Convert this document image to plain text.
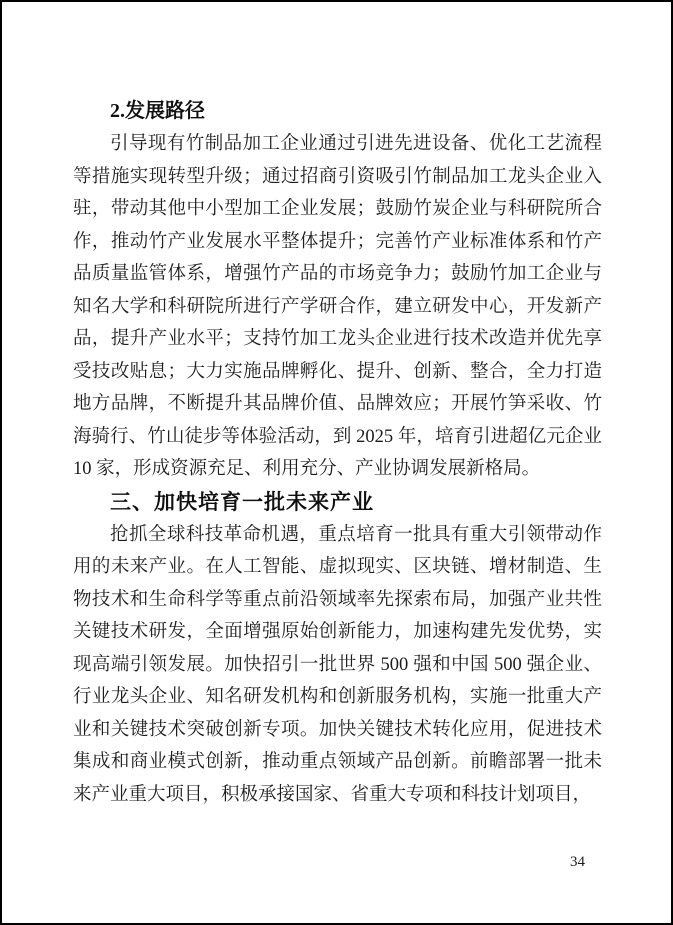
2.发展路径

引导现有竹制品加工企业通过引进先进设备、优化工艺流程等措施实现转型升级；通过招商引资吸引竹制品加工龙头企业入驻，带动其他中小型加工企业发展；鼓励竹炭企业与科研院所合作，推动竹产业发展水平整体提升；完善竹产业标准体系和竹产品质量监管体系，增强竹产品的市场竞争力；鼓励竹加工企业与知名大学和科研院所进行产学研合作，建立研发中心，开发新产品，提升产业水平；支持竹加工龙头企业进行技术改造并优先享受技改贴息；大力实施品牌孵化、提升、创新、整合，全力打造地方品牌，不断提升其品牌价值、品牌效应；开展竹笋采收、竹海骑行、竹山徒步等体验活动，到 2025 年，培育引进超亿元企业 10 家，形成资源充足、利用充分、产业协调发展新格局。

三、加快培育一批未来产业

抢抓全球科技革命机遇，重点培育一批具有重大引领带动作用的未来产业。在人工智能、虚拟现实、区块链、增材制造、生物技术和生命科学等重点前沿领域率先探索布局，加强产业共性关键技术研发，全面增强原始创新能力，加速构建先发优势，实现高端引领发展。加快招引一批世界 500 强和中国 500 强企业、行业龙头企业、知名研发机构和创新服务机构，实施一批重大产业和关键技术突破创新专项。加快关键技术转化应用，促进技术集成和商业模式创新，推动重点领域产品创新。前瞻部署一批未来产业重大项目，积极承接国家、省重大专项和科技计划项目，

34
